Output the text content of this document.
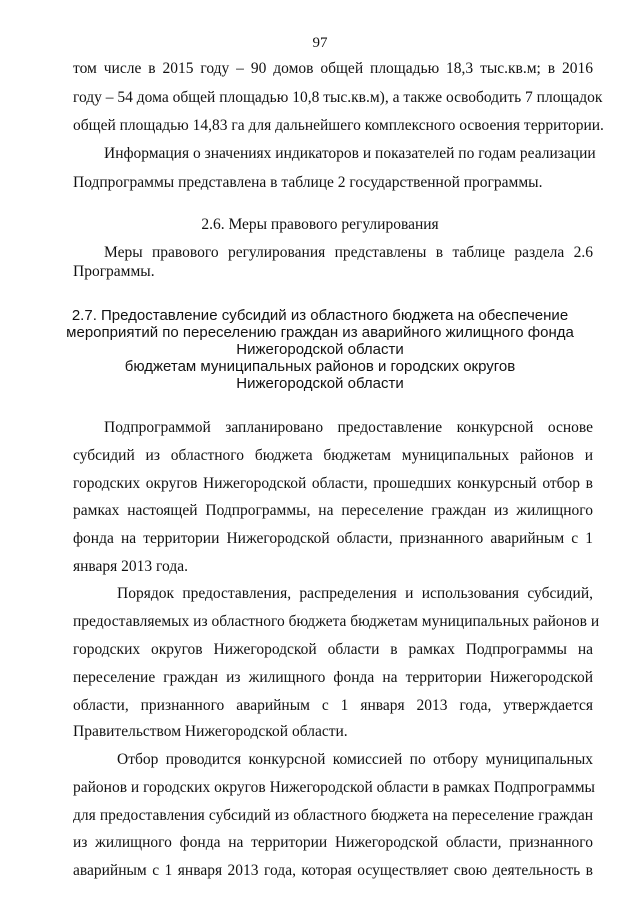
97
том числе в 2015 году – 90 домов общей площадью 18,3 тыс.кв.м; в 2016
году – 54 дома общей площадью 10,8 тыс.кв.м), а также освободить 7 площадок
общей площадью 14,83 га для дальнейшего комплексного освоения территории.
Информация о значениях индикаторов и показателей по годам реализации
Подпрограммы представлена в таблице 2 государственной программы.
2.6. Меры правового регулирования
Меры правового регулирования представлены в таблице раздела 2.6
Программы.
2.7. Предоставление субсидий из областного бюджета на обеспечение
мероприятий по переселению граждан из аварийного жилищного фонда
Нижегородской области
бюджетам муниципальных районов и городских округов
Нижегородской области
Подпрограммой запланировано предоставление конкурсной основе
субсидий из областного бюджета бюджетам муниципальных районов и
городских округов Нижегородской области, прошедших конкурсный отбор в
рамках настоящей Подпрограммы, на переселение граждан из жилищного
фонда на территории Нижегородской области, признанного аварийным с 1
января 2013 года.
Порядок предоставления, распределения и использования субсидий,
предоставляемых из областного бюджета бюджетам муниципальных районов и
городских округов Нижегородской области в рамках Подпрограммы на
переселение граждан из жилищного фонда на территории Нижегородской
области, признанного аварийным с 1 января 2013 года, утверждается
Правительством Нижегородской области.
Отбор проводится конкурсной комиссией по отбору муниципальных
районов и городских округов Нижегородской области в рамках Подпрограммы
для предоставления субсидий из областного бюджета на переселение граждан
из жилищного фонда на территории Нижегородской области, признанного
аварийным с 1 января 2013 года, которая осуществляет свою деятельность в
